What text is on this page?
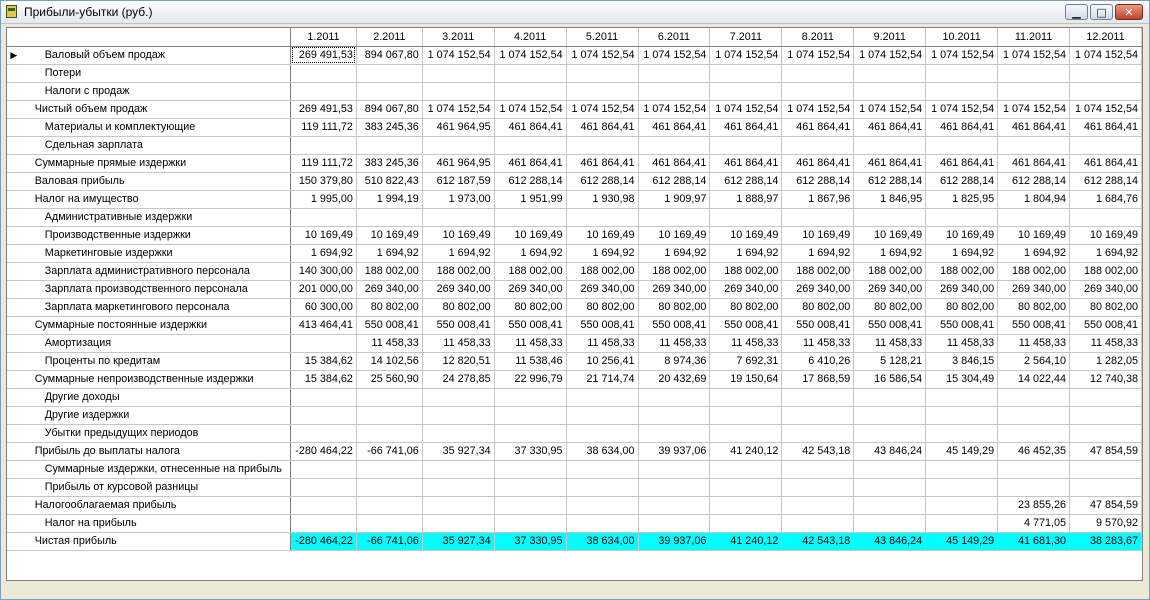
Прибыли-убытки (руб.)	▁	□	✕
		1.2011	2.2011	3.2011	4.2011	5.2011	6.2011	7.2011	8.2011	9.2011	10.2011	11.2011	12.2011
▶	Валовый объем продаж	269 491,53	894 067,80	1 074 152,54	1 074 152,54	1 074 152,54	1 074 152,54	1 074 152,54	1 074 152,54	1 074 152,54	1 074 152,54	1 074 152,54	1 074 152,54
	Потери												
	Налоги с продаж												
	Чистый объем продаж	269 491,53	894 067,80	1 074 152,54	1 074 152,54	1 074 152,54	1 074 152,54	1 074 152,54	1 074 152,54	1 074 152,54	1 074 152,54	1 074 152,54	1 074 152,54
	Материалы и комплектующие	119 111,72	383 245,36	461 964,95	461 864,41	461 864,41	461 864,41	461 864,41	461 864,41	461 864,41	461 864,41	461 864,41	461 864,41
	Сдельная зарплата												
	Суммарные прямые издержки	119 111,72	383 245,36	461 964,95	461 864,41	461 864,41	461 864,41	461 864,41	461 864,41	461 864,41	461 864,41	461 864,41	461 864,41
	Валовая прибыль	150 379,80	510 822,43	612 187,59	612 288,14	612 288,14	612 288,14	612 288,14	612 288,14	612 288,14	612 288,14	612 288,14	612 288,14
	Налог на имущество	1 995,00	1 994,19	1 973,00	1 951,99	1 930,98	1 909,97	1 888,97	1 867,96	1 846,95	1 825,95	1 804,94	1 684,76
	Административные издержки												
	Производственные издержки	10 169,49	10 169,49	10 169,49	10 169,49	10 169,49	10 169,49	10 169,49	10 169,49	10 169,49	10 169,49	10 169,49	10 169,49
	Маркетинговые издержки	1 694,92	1 694,92	1 694,92	1 694,92	1 694,92	1 694,92	1 694,92	1 694,92	1 694,92	1 694,92	1 694,92	1 694,92
	Зарплата административного персонала	140 300,00	188 002,00	188 002,00	188 002,00	188 002,00	188 002,00	188 002,00	188 002,00	188 002,00	188 002,00	188 002,00	188 002,00
	Зарплата производственного персонала	201 000,00	269 340,00	269 340,00	269 340,00	269 340,00	269 340,00	269 340,00	269 340,00	269 340,00	269 340,00	269 340,00	269 340,00
	Зарплата маркетингового персонала	60 300,00	80 802,00	80 802,00	80 802,00	80 802,00	80 802,00	80 802,00	80 802,00	80 802,00	80 802,00	80 802,00	80 802,00
	Суммарные постоянные издержки	413 464,41	550 008,41	550 008,41	550 008,41	550 008,41	550 008,41	550 008,41	550 008,41	550 008,41	550 008,41	550 008,41	550 008,41
	Амортизация		11 458,33	11 458,33	11 458,33	11 458,33	11 458,33	11 458,33	11 458,33	11 458,33	11 458,33	11 458,33	11 458,33
	Проценты по кредитам	15 384,62	14 102,56	12 820,51	11 538,46	10 256,41	8 974,36	7 692,31	6 410,26	5 128,21	3 846,15	2 564,10	1 282,05
	Суммарные непроизводственные издержки	15 384,62	25 560,90	24 278,85	22 996,79	21 714,74	20 432,69	19 150,64	17 868,59	16 586,54	15 304,49	14 022,44	12 740,38
	Другие доходы												
	Другие издержки												
	Убытки предыдущих периодов												
	Прибыль до выплаты налога	-280 464,22	-66 741,06	35 927,34	37 330,95	38 634,00	39 937,06	41 240,12	42 543,18	43 846,24	45 149,29	46 452,35	47 854,59
	Суммарные издержки, отнесенные на прибыль												
	Прибыль от курсовой разницы												
	Налогооблагаемая прибыль											23 855,26	47 854,59
	Налог на прибыль											4 771,05	9 570,92
	Чистая прибыль	-280 464,22	-66 741,06	35 927,34	37 330,95	38 634,00	39 937,06	41 240,12	42 543,18	43 846,24	45 149,29	41 681,30	38 283,67
